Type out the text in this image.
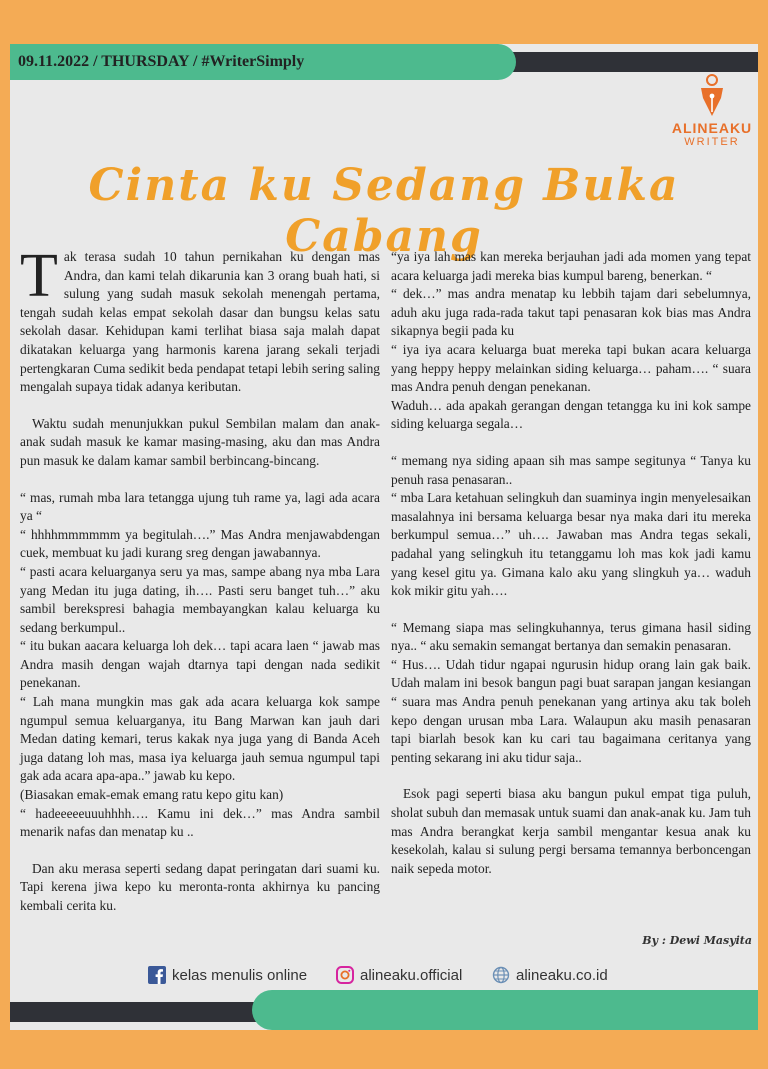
09.11.2022 / THURSDAY / #WriterSimply
ALINEAKU
WRITER
Cinta ku Sedang Buka Cabang

Tak terasa sudah 10 tahun pernikahan ku dengan mas Andra, dan kami telah dikarunia kan 3 orang buah hati, si sulung yang sudah masuk sekolah menengah pertama, tengah sudah kelas empat sekolah dasar dan bungsu kelas satu sekolah dasar. Kehidupan kami terlihat biasa saja malah dapat dikatakan keluarga yang harmonis karena jarang sekali terjadi pertengkaran Cuma sedikit beda pendapat tetapi lebih sering saling mengalah supaya tidak adanya keributan.

Waktu sudah menunjukkan pukul Sembilan malam dan anak-anak sudah masuk ke kamar masing-masing, aku dan mas Andra pun masuk ke dalam kamar sambil berbincang-bincang.

“ mas, rumah mba lara tetangga ujung tuh rame ya, lagi ada acara ya “

“ hhhhmmmmmm ya begitulah….” Mas Andra menjawabdengan cuek, membuat ku jadi kurang sreg dengan jawabannya.

“ pasti acara keluarganya seru ya mas, sampe abang nya mba Lara yang Medan itu juga dating, ih…. Pasti seru banget tuh…” aku sambil berekspresi bahagia membayangkan kalau keluarga ku sedang berkumpul..

“ itu bukan aacara keluarga loh dek… tapi acara laen “ jawab mas Andra masih dengan wajah dtarnya tapi dengan nada sedikit penekanan.

“ Lah mana mungkin mas gak ada acara keluarga kok sampe ngumpul semua keluarganya, itu Bang Marwan kan jauh dari Medan dating kemari, terus kakak nya juga yang di Banda Aceh juga datang loh mas, masa iya keluarga jauh semua ngumpul tapi gak ada acara apa-apa..” jawab ku kepo.

(Biasakan emak-emak emang ratu kepo gitu kan)

“ hadeeeeeuuuhhhh…. Kamu ini dek…” mas Andra sambil menarik nafas dan menatap ku ..

Dan aku merasa seperti sedang dapat peringatan dari suami ku. Tapi kerena jiwa kepo ku meronta-ronta akhirnya ku pancing kembali cerita ku.

“ya iya lah mas kan mereka berjauhan jadi ada momen yang tepat acara keluarga jadi mereka bias kumpul bareng, benerkan. “

“ dek…” mas andra menatap ku lebbih tajam dari sebelumnya, aduh aku juga rada-rada takut tapi penasaran kok bias mas Andra sikapnya begii pada ku

“ iya iya acara keluarga buat mereka tapi bukan acara keluarga yang heppy heppy melainkan siding keluarga… paham…. “ suara mas Andra penuh dengan penekanan.

Waduh… ada apakah gerangan dengan tetangga ku ini kok sampe siding keluarga segala…

“ memang nya siding apaan sih mas sampe segitunya “ Tanya ku penuh rasa penasaran..

“ mba Lara ketahuan selingkuh dan suaminya ingin menyelesaikan masalahnya ini bersama keluarga besar nya maka dari itu mereka berkumpul semua…” uh…. Jawaban mas Andra tegas sekali, padahal yang selingkuh itu tetanggamu loh mas kok jadi kamu yang kesel gitu ya. Gimana kalo aku yang slingkuh ya… waduh kok mikir gitu yah….

“ Memang siapa mas selingkuhannya, terus gimana hasil siding nya.. “ aku semakin semangat bertanya dan semakin penasaran.

“ Hus…. Udah tidur ngapai ngurusin hidup orang lain gak baik. Udah malam ini besok bangun pagi buat sarapan jangan kesiangan “ suara mas Andra penuh penekanan yang artinya aku tak boleh kepo dengan urusan mba Lara. Walaupun aku masih penasaran tapi biarlah besok kan ku cari tau bagaimana ceritanya yang penting sekarang ini aku tidur saja..

Esok pagi seperti biasa aku bangun pukul empat tiga puluh, sholat subuh dan memasak untuk suami dan anak-anak ku. Jam tuh mas Andra berangkat kerja sambil mengantar kesua anak ku kesekolah, kalau si sulung pergi bersama temannya berboncengan naik sepeda motor.

By : Dewi Masyita
kelas menulis online	alineaku.official	alineaku.co.id
